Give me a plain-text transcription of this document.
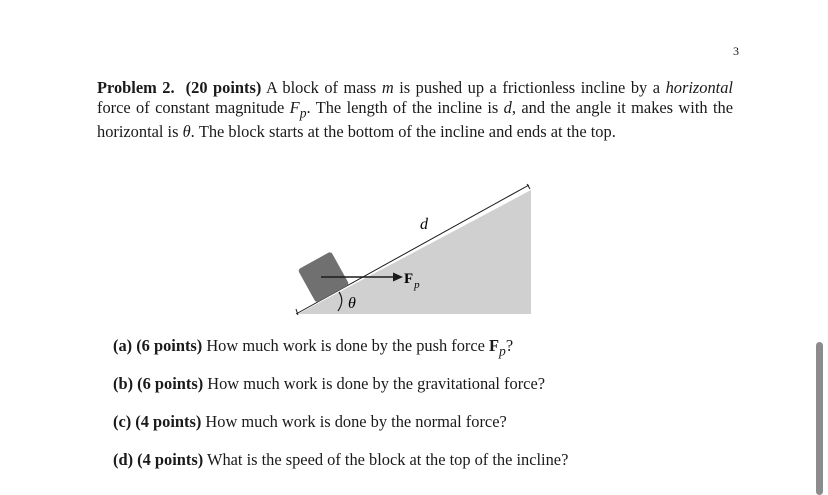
3
Problem 2. (20 points) A block of mass m is pushed up a frictionless incline by a horizontal force of constant magnitude $F_p$. The length of the incline is d, and the angle it makes with the horizontal is θ. The block starts at the bottom of the incline and ends at the top.
$F_p$
d
θ
(a) (6 points) How much work is done by the push force $F_p$?
(b) (6 points) How much work is done by the gravitational force?
(c) (4 points) How much work is done by the normal force?
(d) (4 points) What is the speed of the block at the top of the incline?
